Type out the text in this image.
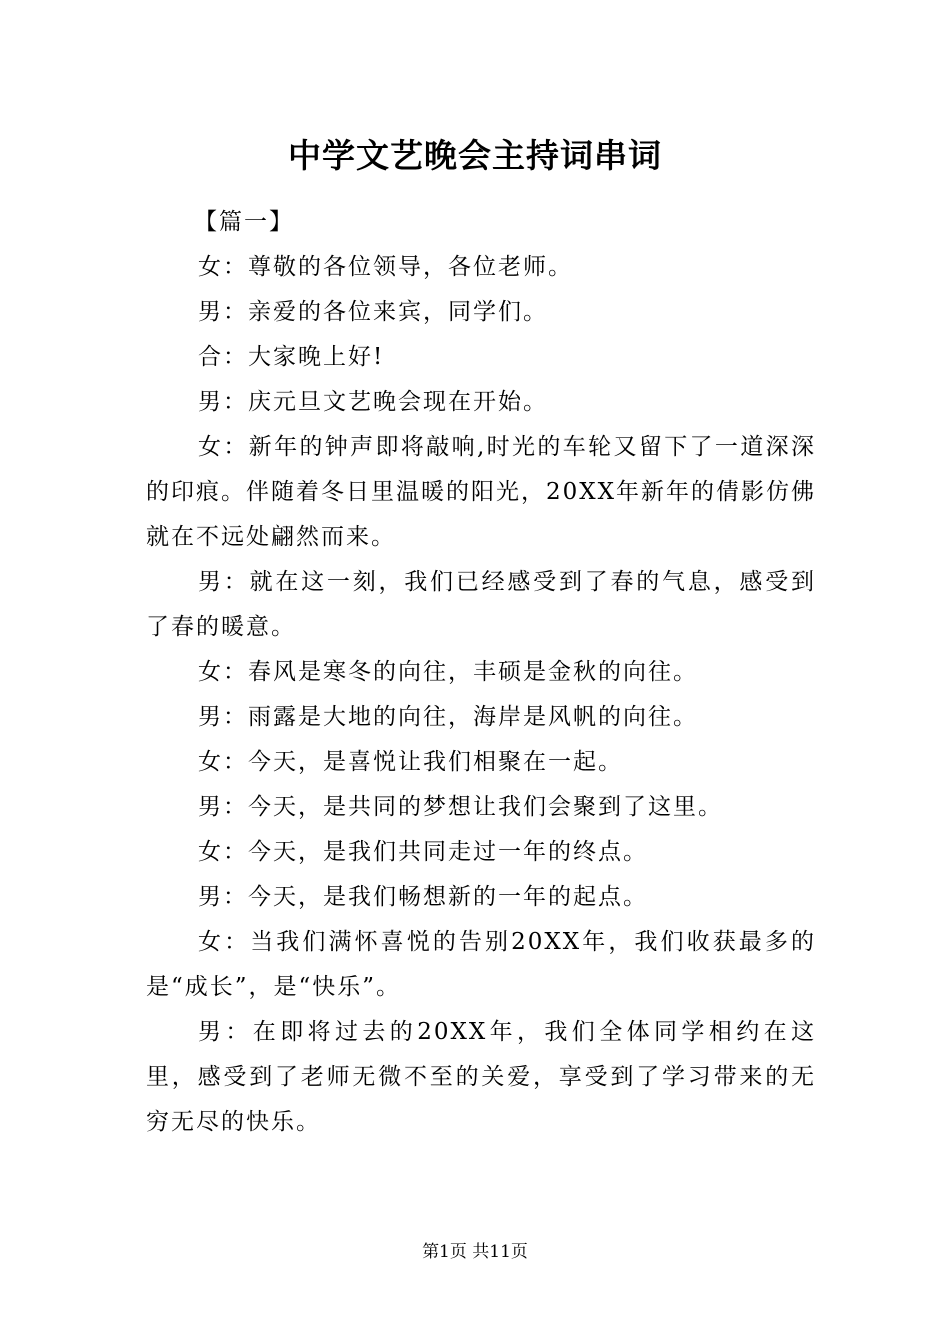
中学文艺晚会主持词串词

【篇一】

女：尊敬的各位领导，各位老师。

男：亲爱的各位来宾，同学们。

合：大家晚上好!

男：庆元旦文艺晚会现在开始。

女：新年的钟声即将敲响,时光的车轮又留下了一道深深的印痕。伴随着冬日里温暖的阳光，20XX年新年的倩影仿佛就在不远处翩然而来。

男：就在这一刻，我们已经感受到了春的气息，感受到了春的暖意。

女：春风是寒冬的向往，丰硕是金秋的向往。

男：雨露是大地的向往，海岸是风帆的向往。

女：今天，是喜悦让我们相聚在一起。

男：今天，是共同的梦想让我们会聚到了这里。

女：今天，是我们共同走过一年的终点。

男：今天，是我们畅想新的一年的起点。

女：当我们满怀喜悦的告别20XX年，我们收获最多的是“成长”，是“快乐”。

男：在即将过去的20XX年，我们全体同学相约在这里，感受到了老师无微不至的关爱，享受到了学习带来的无穷无尽的快乐。

第1页 共11页
